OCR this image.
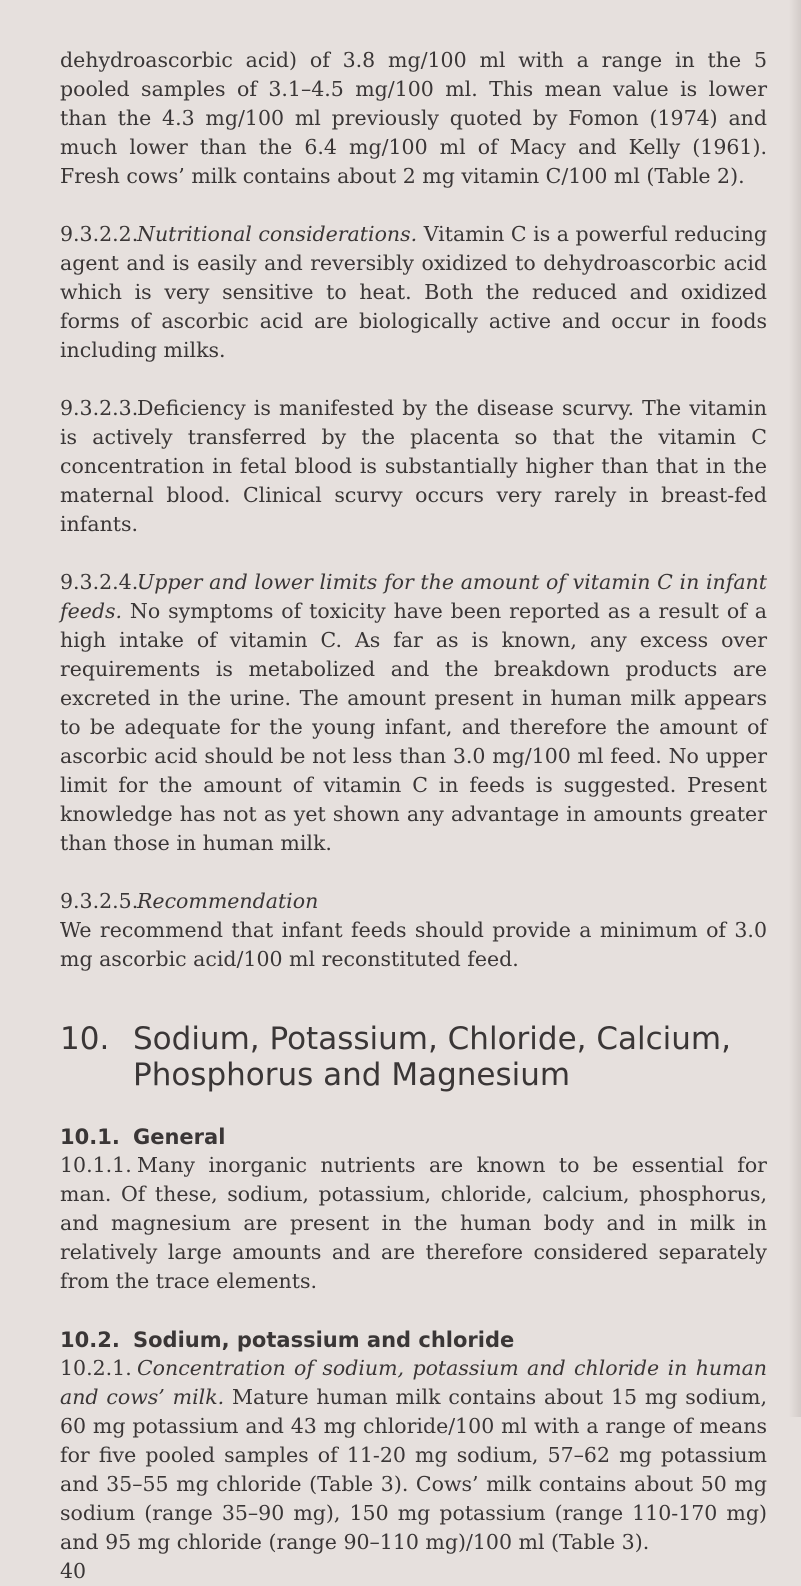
dehydroascorbic acid) of 3.8 mg/100 ml with a range in the 5 pooled samples of 3.1–4.5 mg/100 ml. This mean value is lower than the 4.3 mg/100 ml previously quoted by Fomon (1974) and much lower than the 6.4 mg/100 ml of Macy and Kelly (1961). Fresh cows’ milk contains about 2 mg vitamin C/100 ml (Table 2).

9.3.2.2.Nutritional considerations. Vitamin C is a powerful reducing agent and is easily and reversibly oxidized to dehydroascorbic acid which is very sensitive to heat. Both the reduced and oxidized forms of ascorbic acid are biologically active and occur in foods including milks.

9.3.2.3.Deficiency is manifested by the disease scurvy. The vitamin is actively transferred by the placenta so that the vitamin C concentration in fetal blood is substantially higher than that in the maternal blood. Clinical scurvy occurs very rarely in breast-fed infants.

9.3.2.4.Upper and lower limits for the amount of vitamin C in infant feeds. No symptoms of toxicity have been reported as a result of a high intake of vitamin C. As far as is known, any excess over requirements is metabolized and the breakdown products are excreted in the urine. The amount present in human milk appears to be adequate for the young infant, and therefore the amount of ascorbic acid should be not less than 3.0 mg/100 ml feed. No upper limit for the amount of vitamin C in feeds is suggested. Present knowledge has not as yet shown any advantage in amounts greater than those in human milk.

9.3.2.5.Recommendation

We recommend that infant feeds should provide a minimum of 3.0 mg ascorbic acid/100 ml reconstituted feed.

10. Sodium, Potassium, Chloride, Calcium,
Phosphorus and Magnesium
10.1. General

10.1.1. Many inorganic nutrients are known to be essential for man. Of these, sodium, potassium, chloride, calcium, phosphorus, and magnesium are present in the human body and in milk in relatively large amounts and are therefore considered separately from the trace elements.

10.2. Sodium, potassium and chloride

10.2.1. Concentration of sodium, potassium and chloride in human and cows’ milk. Mature human milk contains about 15 mg sodium, 60 mg potassium and 43 mg chloride/100 ml with a range of means for five pooled samples of 11-20 mg sodium, 57–62 mg potassium and 35–55 mg chloride (Table 3). Cows’ milk contains about 50 mg sodium (range 35–90 mg), 150 mg potassium (range 110-170 mg) and 95 mg chloride (range 90–110 mg)/100 ml (Table 3).

40
